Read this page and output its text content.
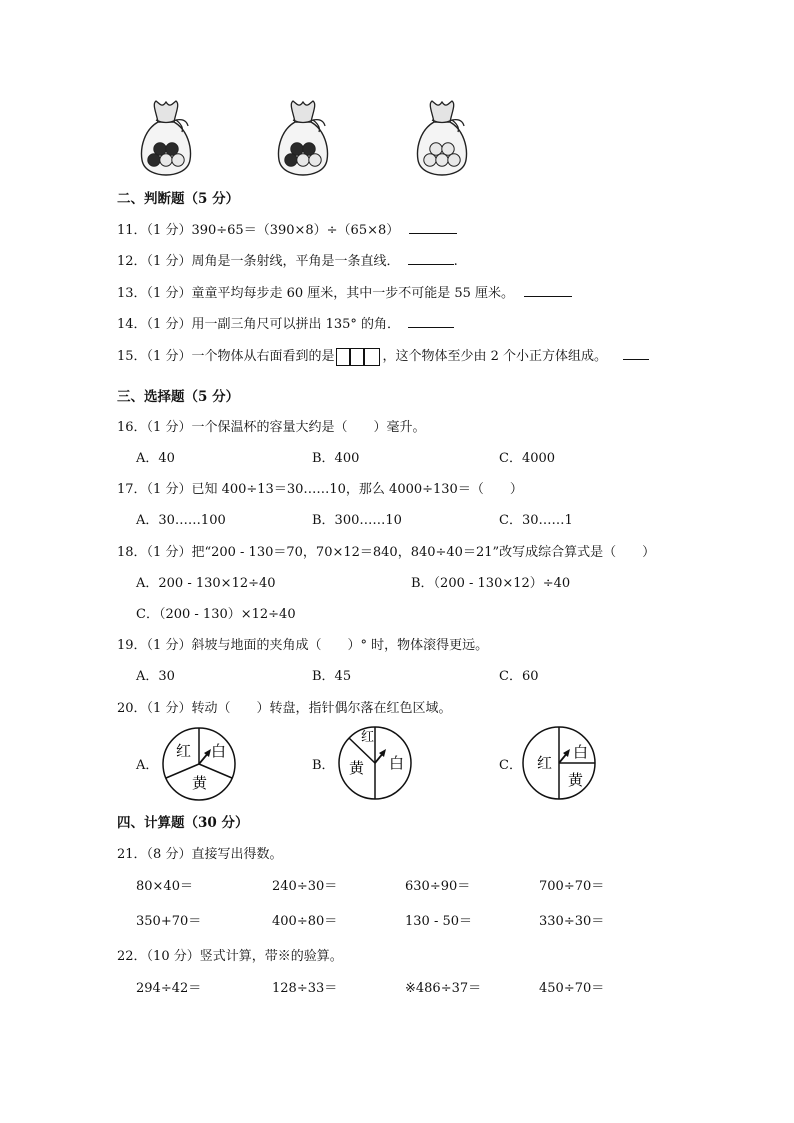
二、判断题（5 分）
11．（1 分）390÷65＝（390×8）÷（65×8）
12．（1 分）周角是一条射线，平角是一条直线．	.
13．（1 分）童童平均每步走 60 厘米，其中一步不可能是 55 厘米。
14．（1 分）用一副三角尺可以拼出 135° 的角．
15．（1 分）一个物体从右面看到的是	，这个物体至少由 2 个小正方体组成。
三、选择题（5 分）
16．（1 分）一个保温杯的容量大约是（　　）毫升。
A．40	B．400	C．4000
17．（1 分）已知 400÷13＝30……10，那么 4000÷130＝（　　）
A．30……100	B．300……10	C．30……1
18．（1 分）把“200 - 130＝70，70×12＝840，840÷40＝21”改写成综合算式是（　　）
A．200 - 130×12÷40	B．（200 - 130×12）÷40
C．（200 - 130）×12÷40
19．（1 分）斜坡与地面的夹角成（　　）° 时，物体滚得更远。
A．30	B．45	C．60
20．（1 分）转动（　　）转盘，指针偶尔落在红色区域。
A．
红 白
黄
B．
红
白
黄	C． 红
白
黄
四、计算题（30 分）
21．（8 分）直接写出得数。
80×40＝	240÷30＝	630÷90＝	700÷70＝
350+70＝	400÷80＝	130 - 50＝	330÷30＝
22．（10 分）竖式计算，带※的验算。
294÷42＝	128÷33＝	※486÷37＝	450÷70＝
